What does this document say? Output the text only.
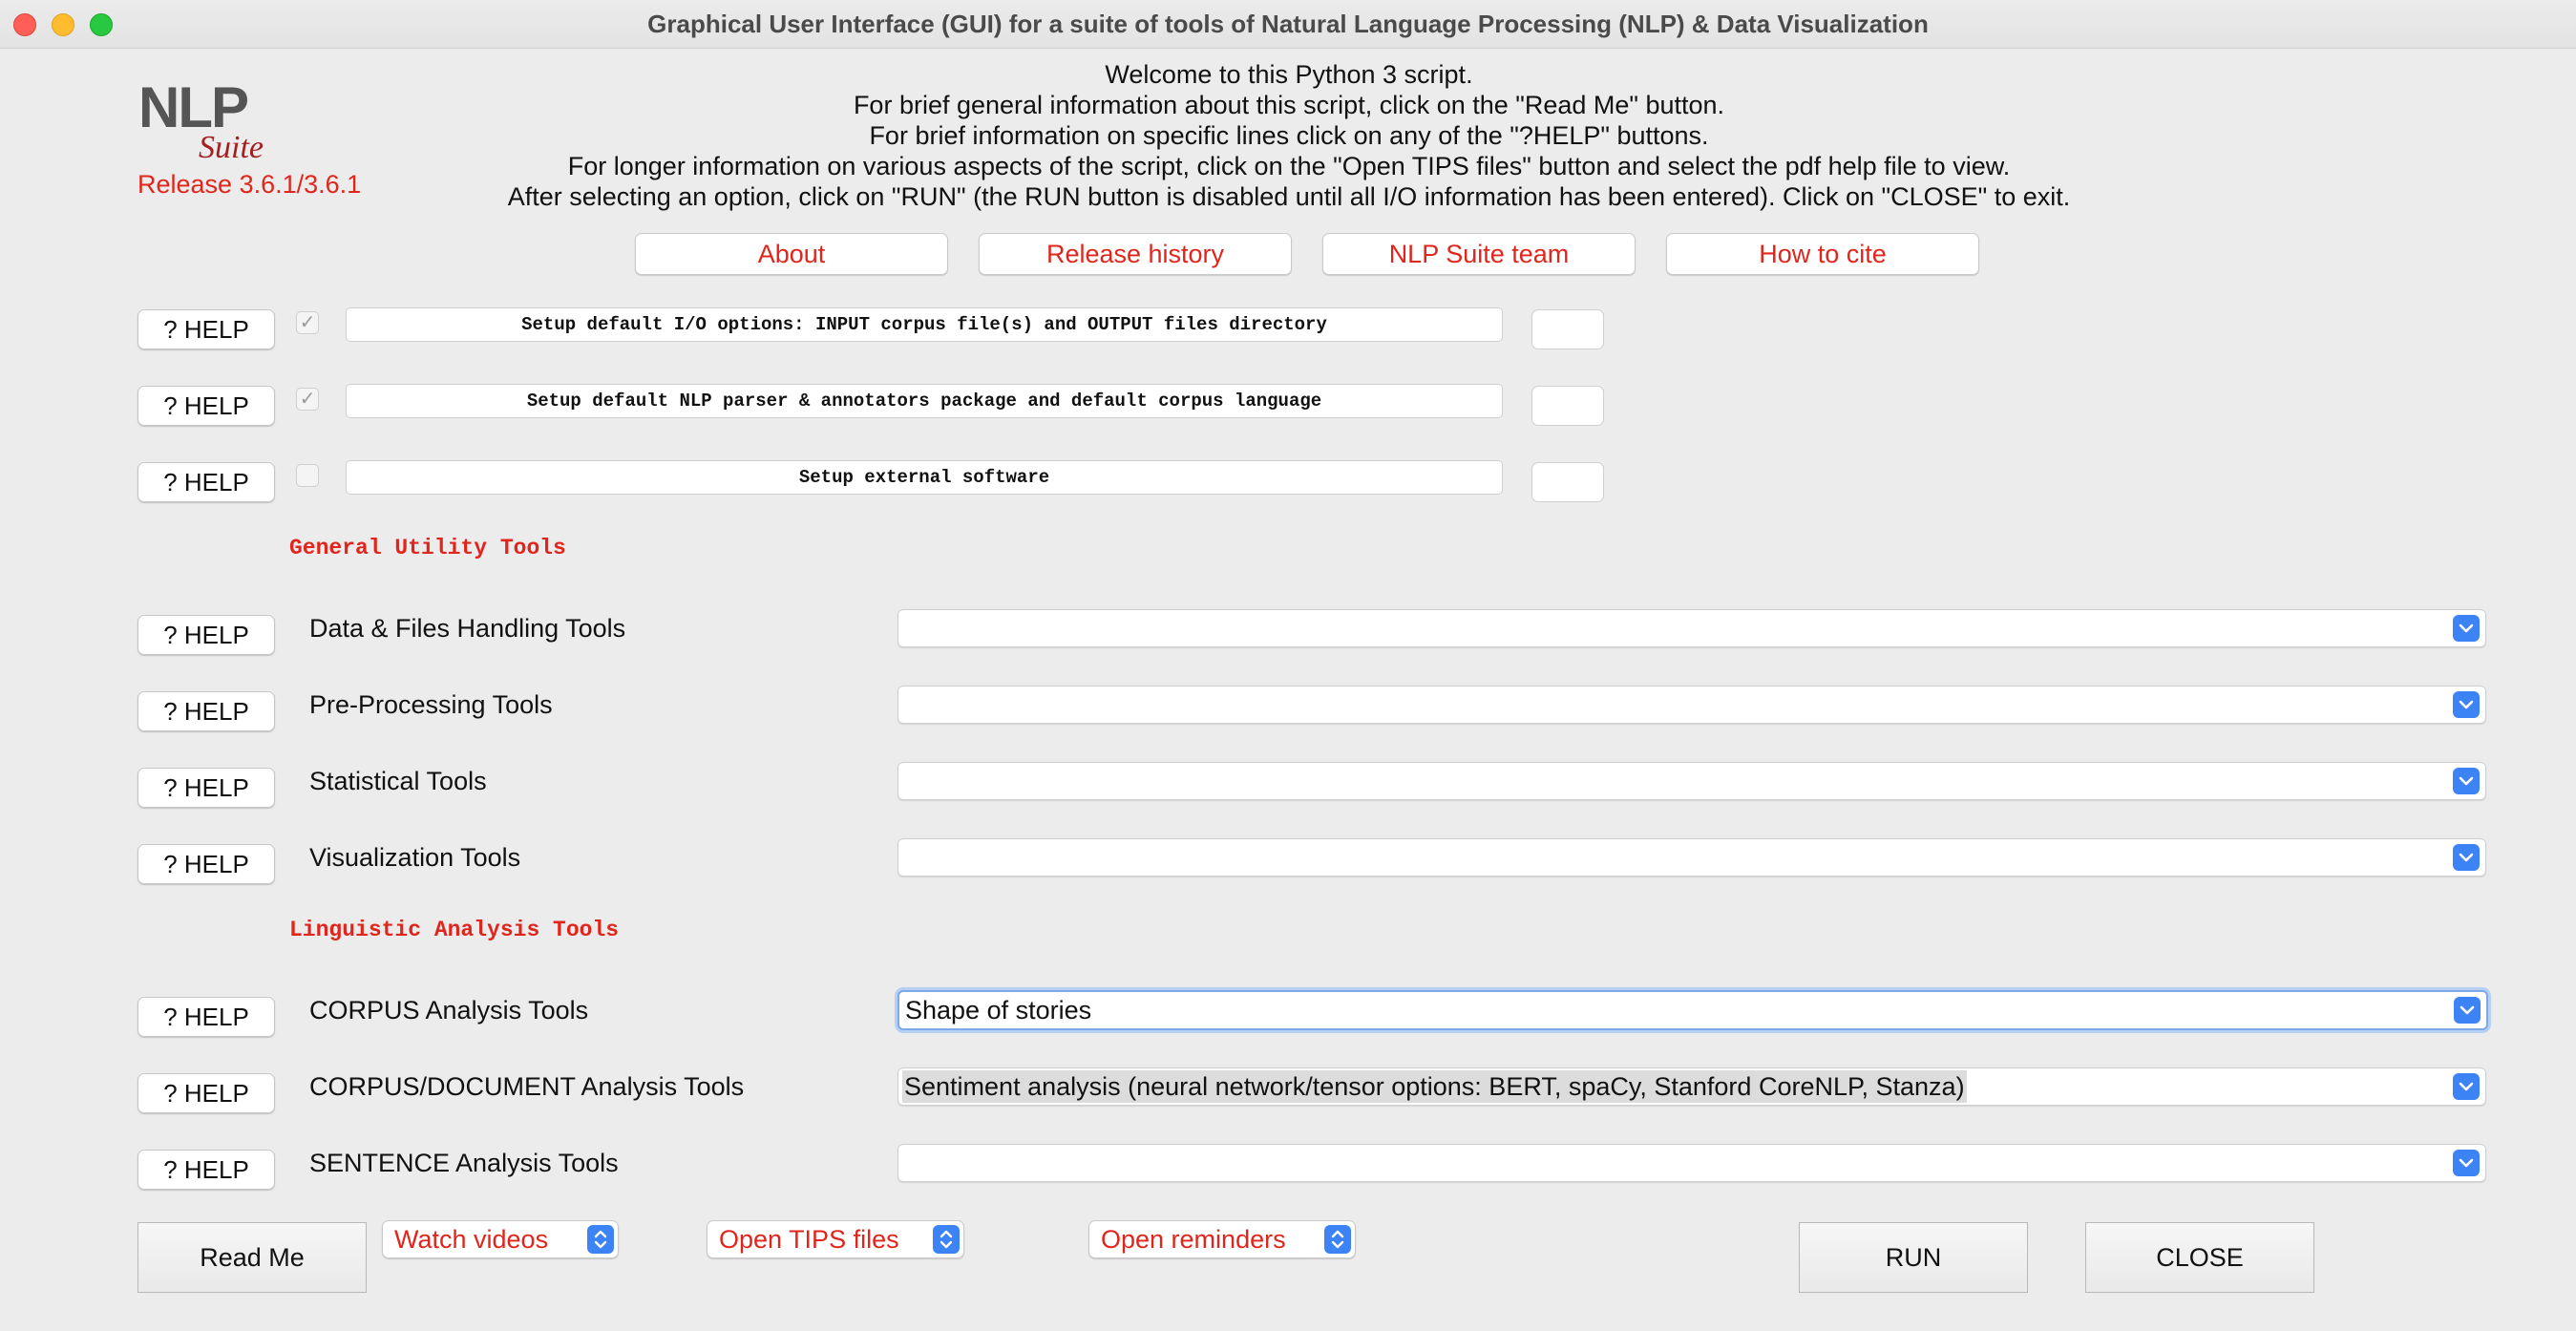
Graphical User Interface (GUI) for a suite of tools of Natural Language Processing (NLP) & Data Visualization
NLP
Suite
Release 3.6.1/3.6.1
Welcome to this Python 3 script.
For brief general information about this script, click on the "Read Me" button.
For brief information on specific lines click on any of the "?HELP" buttons.
For longer information on various aspects of the script, click on the "Open TIPS files" button and select the pdf help file to view.
After selecting an option, click on "RUN" (the RUN button is disabled until all I/O information has been entered). Click on "CLOSE" to exit.
About	Release history	NLP Suite team	How to cite
? HELP	✓	Setup default I/O options: INPUT corpus file(s) and OUTPUT files directory
? HELP	✓	Setup default NLP parser & annotators package and default corpus language
? HELP	Setup external software
General Utility Tools
? HELP	Data & Files Handling Tools
? HELP	Pre-Processing Tools
? HELP	Statistical Tools
? HELP	Visualization Tools
Linguistic Analysis Tools
? HELP	CORPUS Analysis Tools	Shape of stories
? HELP	CORPUS/DOCUMENT Analysis Tools	Sentiment analysis (neural network/tensor options: BERT, spaCy, Stanford CoreNLP, Stanza)
? HELP	SENTENCE Analysis Tools
Read Me
Watch videos	Open TIPS files	Open reminders
RUN	CLOSE
